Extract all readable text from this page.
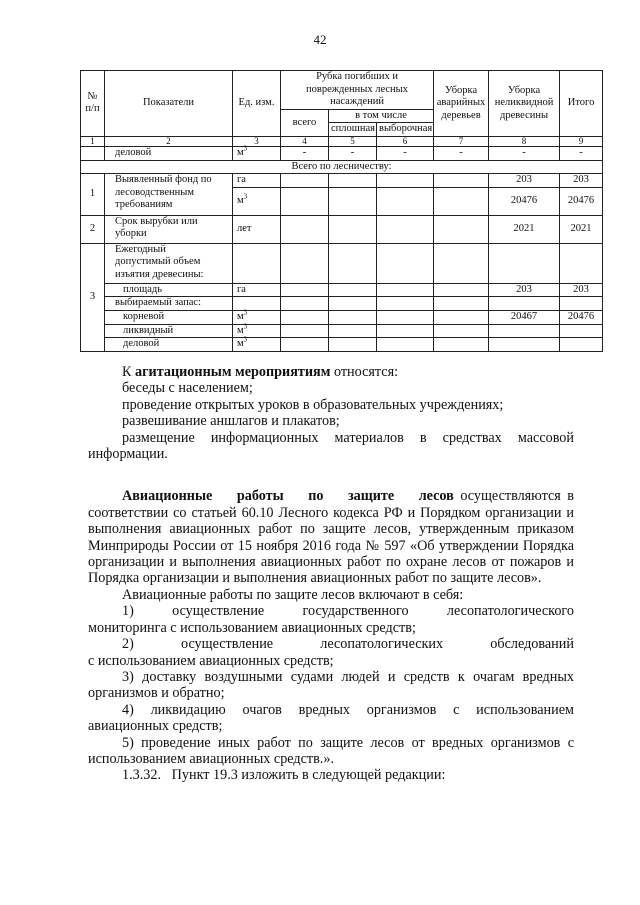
42
№ п/п	Показатели	Ед. изм.	Рубка погибших и поврежденных лесных насаждений			Уборка аварийных деревьев	Уборка неликвидной древесины	Итого
			всего	в том числе				
				сплошная	выборочная			
1	2	3	4	5	6	7	8	9
	деловой	$м^3$	-	-	-	-	-	-
Всего по лесничеству:								
1	Выявленный фонд по
лесоводственным
требованиям	га					203	203
		$м^3$					20476	20476

2	Срок вырубки или
уборки	лет					2021	2021
3	Ежегодный
допустимый объем
изъятия древесины:							

	площадь	га					203	203
	выбираемый запас:							
	корневой	$м^3$					20467	20476
	ликвидный	$м^3$						
	деловой	$м^3$						

К агитационным мероприятиям относятся:

беседы с населением;

проведение открытых уроков в образовательных учреждениях;

развешивание аншлагов и плакатов;

размещение информационных материалов в средствах массовой информации.

Авиационные работы по защите лесов осуществляются в соответствии со статьей 60.10 Лесного кодекса РФ и Порядком организации и выполнения авиационных работ по защите лесов, утвержденным приказом Минприроды России от 15 ноября 2016 года № 597 «Об утверждении Порядка организации и выполнения авиационных работ по охране лесов от пожаров и Порядка организации и выполнения авиационных работ по защите лесов».

Авиационные работы по защите лесов включают в себя:

1)	осуществление	государственного	лесопатологического

мониторинга с использованием авиационных средств;

2)	осуществление	лесопатологических	обследований

с использованием авиационных средств;

3) доставку воздушными судами людей и средств к очагам вредных организмов и обратно;

4) ликвидацию очагов вредных организмов с использованием авиационных средств;

5) проведение иных работ по защите лесов от вредных организмов с использованием авиационных средств.».

1.3.32.   Пункт 19.3 изложить в следующей редакции:
